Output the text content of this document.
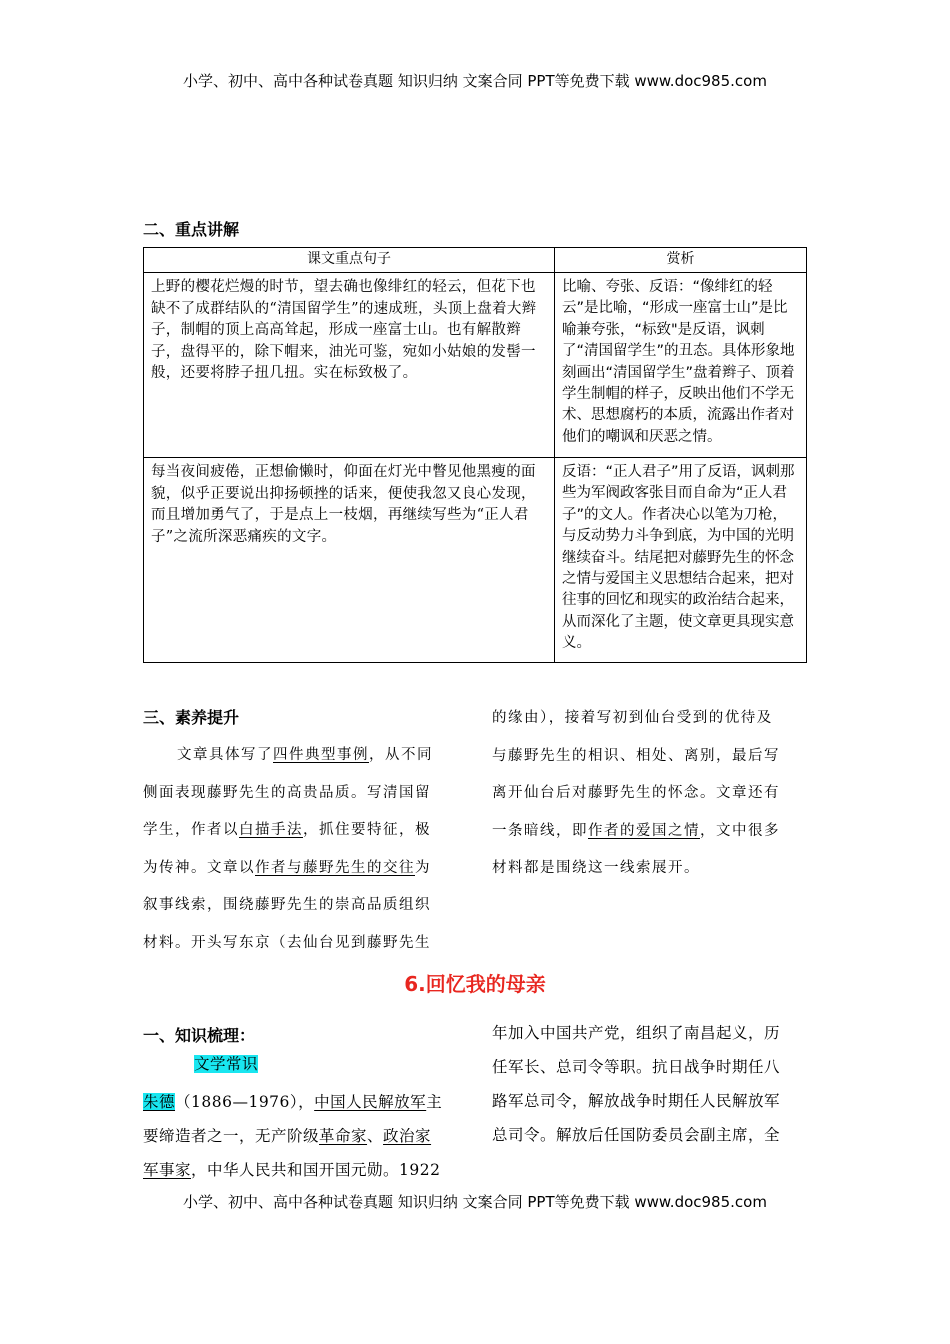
小学、初中、高中各种试卷真题 知识归纳 文案合同 PPT等免费下载 www.doc985.com
二、重点讲解
课文重点句子	赏析
上野的樱花烂熳的时节，望去确也像绯红的轻云，但花下也缺不了成群结队的“清国留学生”的速成班，头顶上盘着大辫子，制帽的顶上高高耸起，形成一座富士山。也有解散辫子，盘得平的，除下帽来，油光可鉴，宛如小姑娘的发髻一般，还要将脖子扭几扭。实在标致极了。	比喻、夸张、反语：“像绯红的轻云”是比喻，“形成一座富士山”是比喻兼夸张，“标致"是反语，讽刺了“清国留学生”的丑态。具体形象地刻画出“清国留学生”盘着辫子、顶着学生制帽的样子，反映出他们不学无术、思想腐朽的本质，流露出作者对他们的嘲讽和厌恶之情。
每当夜间疲倦，正想偷懒时，仰面在灯光中瞥见他黑瘦的面貌，似乎正要说出抑扬顿挫的话来，便使我忽又良心发现，而且增加勇气了，于是点上一枝烟，再继续写些为“正人君子”之流所深恶痛疾的文字。	反语：“正人君子”用了反语，讽刺那些为军阀政客张目而自命为“正人君子”的文人。作者决心以笔为刀枪，与反动势力斗争到底，为中国的光明继续奋斗。结尾把对藤野先生的怀念之情与爱国主义思想结合起来，把对往事的回忆和现实的政治结合起来，从而深化了主题，使文章更具现实意义。
三、素养提升

文章具体写了四件典型事例，从不同

侧面表现藤野先生的高贵品质。写清国留

学生，作者以白描手法，抓住要特征，极

为传神。文章以作者与藤野先生的交往为

叙事线索，围绕藤野先生的崇高品质组织

材料。开头写东京（去仙台见到藤野先生

的缘由），接着写初到仙台受到的优待及

与藤野先生的相识、相处、离别，最后写

离开仙台后对藤野先生的怀念。文章还有

一条暗线，即作者的爱国之情，文中很多

材料都是围绕这一线索展开。

6.回忆我的母亲
一、知识梳理：
文学常识

朱德（1886—1976），中国人民解放军主

要缔造者之一，无产阶级革命家、政治家

军事家，中华人民共和国开国元勋。1922

年加入中国共产党，组织了南昌起义，历

任军长、总司令等职。抗日战争时期任八

路军总司令，解放战争时期任人民解放军

总司令。解放后任国防委员会副主席，全

小学、初中、高中各种试卷真题 知识归纳 文案合同 PPT等免费下载 www.doc985.com
